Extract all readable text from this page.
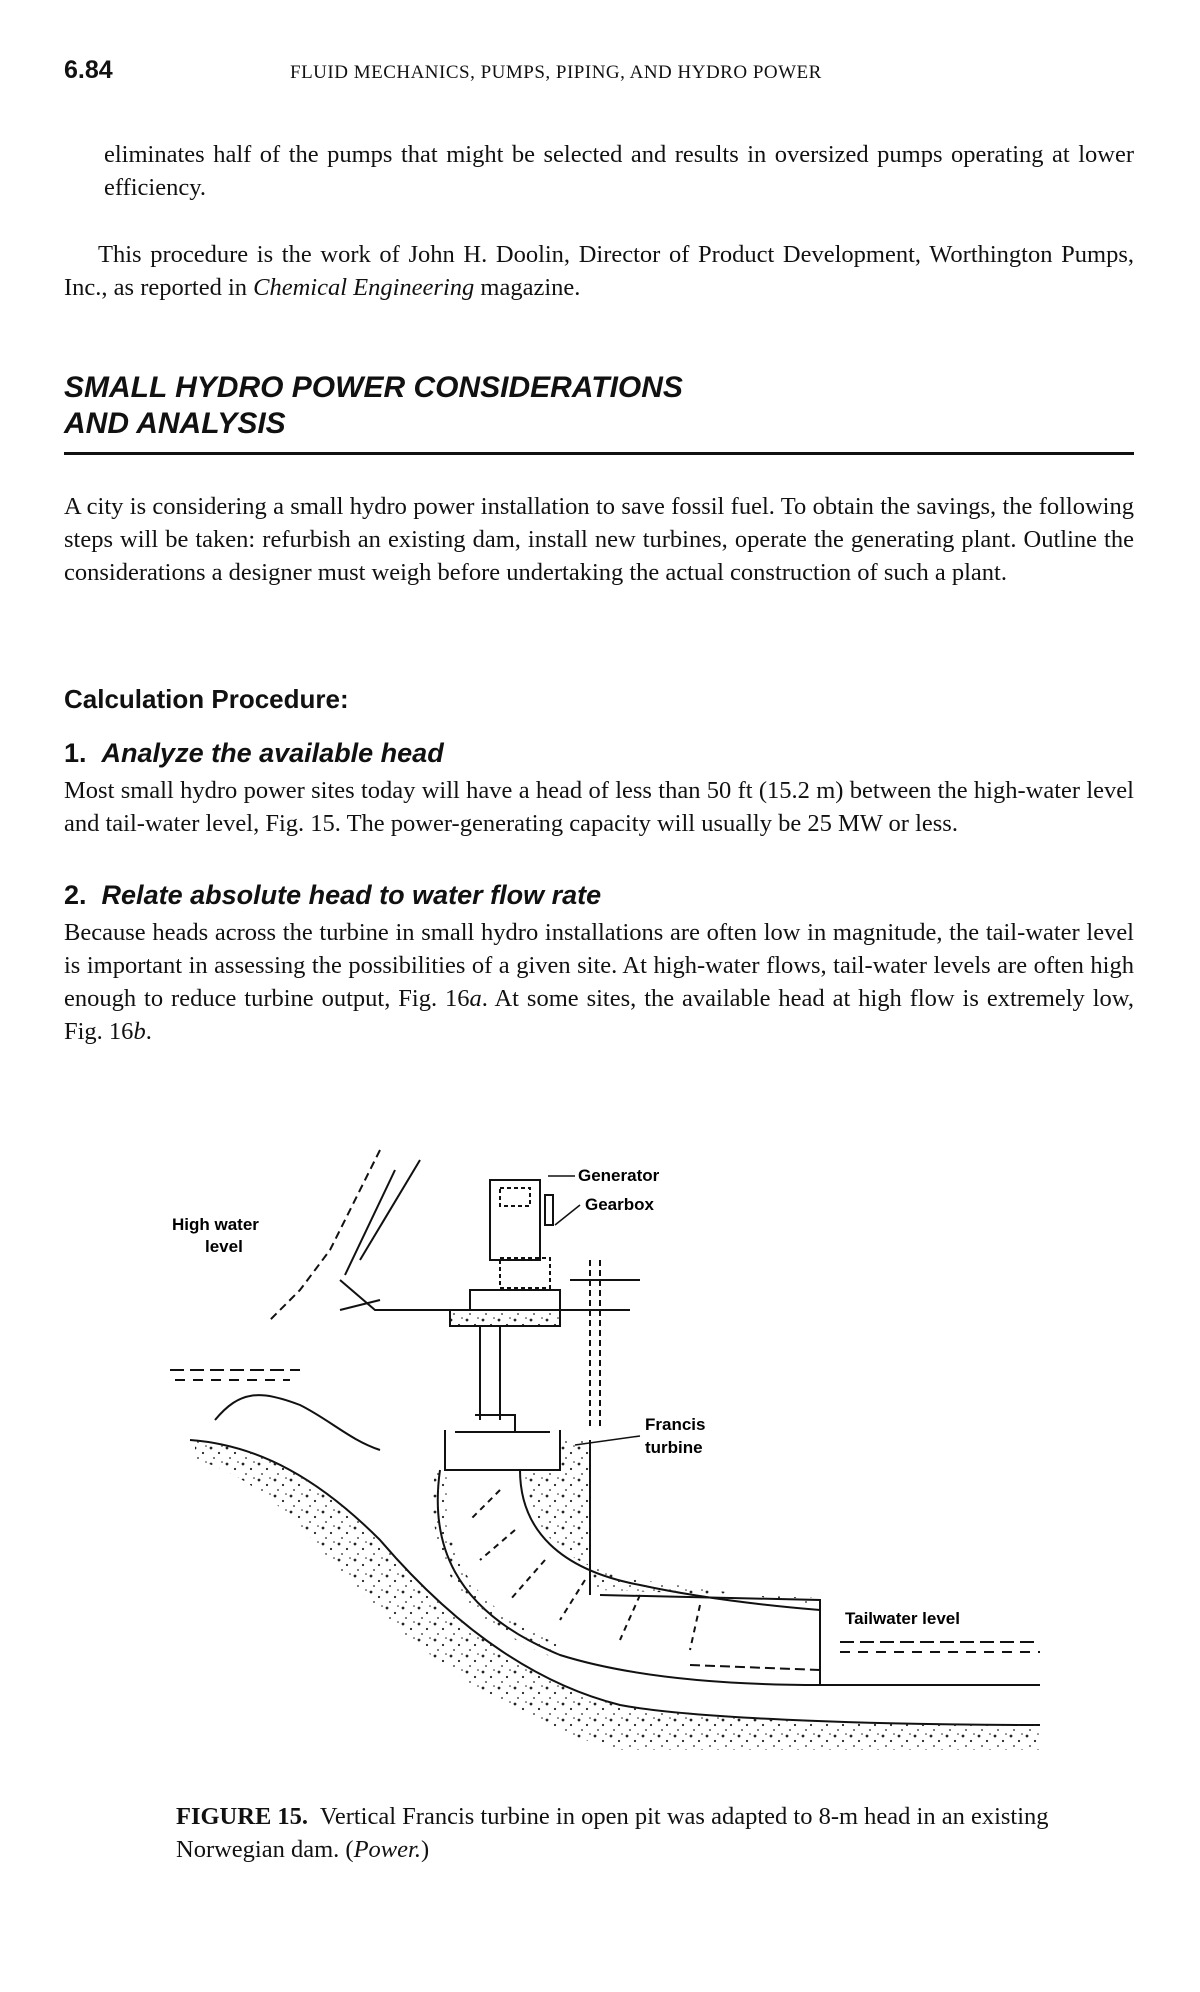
6.84	FLUID MECHANICS, PUMPS, PIPING, AND HYDRO POWER
eliminates half of the pumps that might be selected and results in oversized pumps operating at lower efficiency.
This procedure is the work of John H. Doolin, Director of Product Development, Worthington Pumps, Inc., as reported in Chemical Engineering magazine.
SMALL HYDRO POWER CONSIDERATIONS
AND ANALYSIS
A city is considering a small hydro power installation to save fossil fuel. To obtain the savings, the following steps will be taken: refurbish an existing dam, install new turbines, operate the generating plant. Outline the considerations a designer must weigh before undertaking the actual construction of such a plant.
Calculation Procedure:
1. Analyze the available head
Most small hydro power sites today will have a head of less than 50 ft (15.2 m) between the high-water level and tail-water level, Fig. 15. The power-generating capacity will usually be 25 MW or less.
2. Relate absolute head to water flow rate
Because heads across the turbine in small hydro installations are often low in magnitude, the tail-water level is important in assessing the possibilities of a given site. At high-water flows, tail-water levels are often high enough to reduce turbine output, Fig. 16a. At some sites, the available head at high flow is extremely low, Fig. 16b.
Generator
Gearbox
High water
level
Francis
turbine
Tailwater level
FIGURE 15. Vertical Francis turbine in open pit was adapted to 8-m head in an existing Norwegian dam. (Power.)
